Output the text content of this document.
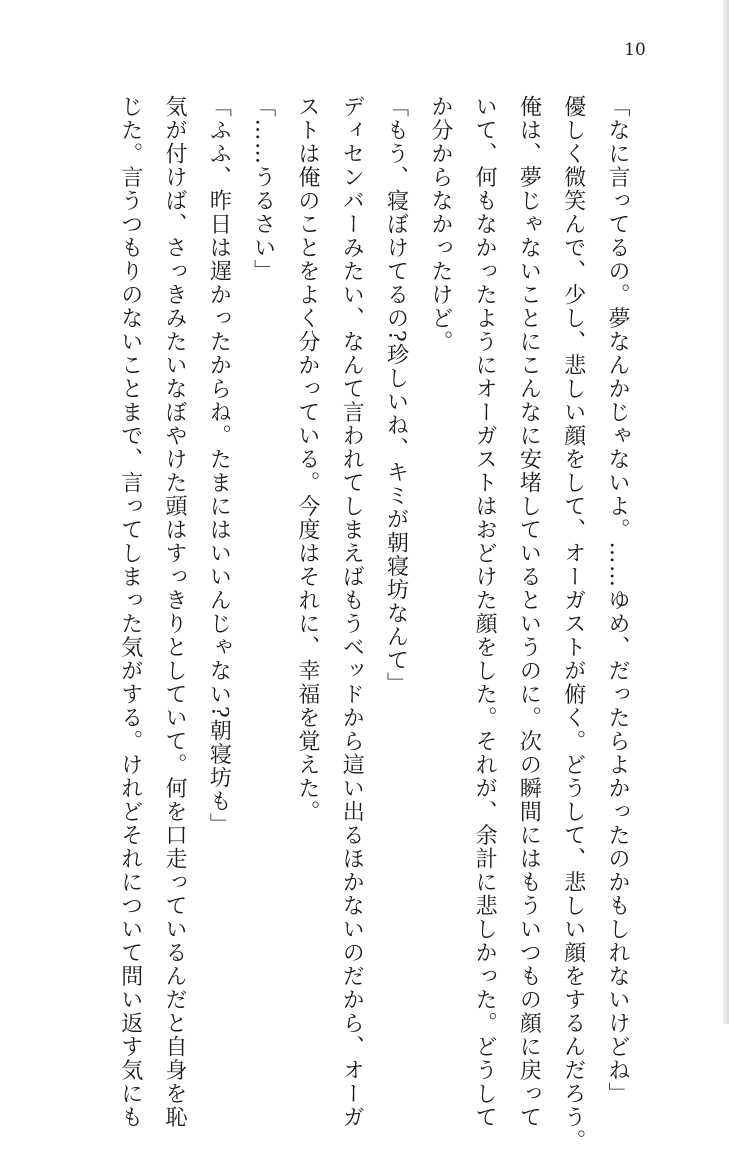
10
「なに言ってるの。夢なんかじゃないよ。……ゆめ、だったらよかったのかもしれないけどね」
優しく微笑んで、少し、悲しい顔をして、オーガストが俯く。どうして、悲しい顔をするんだろう。
俺は、夢じゃないことにこんなに安堵しているというのに。次の瞬間にはもういつもの顔に戻って
いて、何もなかったようにオーガストはおどけた顔をした。それが、余計に悲しかった。どうして
か分からなかったけど。
「もう、寝ぼけてるの?珍しいね、キミが朝寝坊なんて」
ディセンバーみたい、なんて言われてしまえばもうベッドから這い出るほかないのだから、オーガ
ストは俺のことをよく分かっている。今度はそれに、幸福を覚えた。
「……うるさい」
「ふふ、昨日は遅かったからね。たまにはいいんじゃない?朝寝坊も」
気が付けば、さっきみたいなぼやけた頭はすっきりとしていて。何を口走っているんだと自身を恥
じた。言うつもりのないことまで、言ってしまった気がする。けれどそれについて問い返す気にも
